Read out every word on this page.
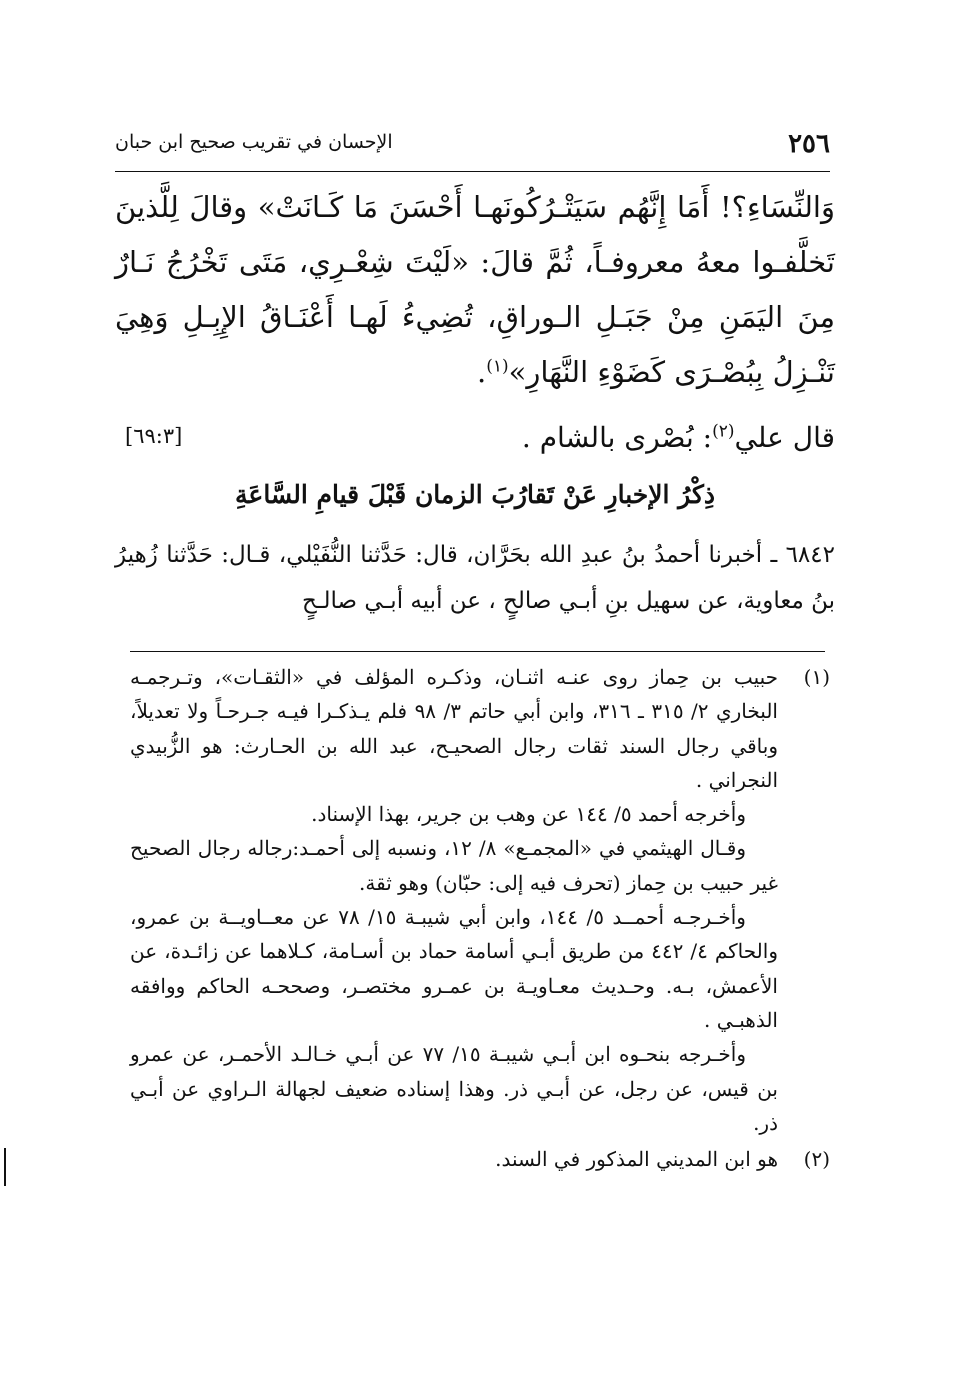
٢٥٦
الإحسان في تقريب صحيح ابن حبان
وَالنِّسَاءِ؟! أَمَا إِنَّهُم سَيَتْـرُكُونَهـا أَحْسَنَ مَا كَـانَتْ» وقالَ لِلَّذينَ تَخلَّفـوا معهُ معروفـاً، ثُمَّ قالَ: «لَيْتَ شِعْـرِي، مَتَى تَخْرُجُ نَـارٌ مِنَ اليَمَنِ مِنْ جَبَـلِ الـوراقِ، تُضِيءُ لَهـا أَعْنَـاقُ الإِبِـلِ وَهِيَ تَنْـزِلُ بِبُصْـرَى كَضَوْءِ النَّهَارِ»$^{(١)}$.
قال علي$^{(٢)}$: بُصْرى بالشام .
[٦٩:٣]
ذِكْرُ الإخبارِ عَنْ تَقارُبَ الزمان قَبْلَ قيامِ السَّاعَةِ
٦٨٤٢ ـ أخبرنا أحمدُ بنُ عبدِ الله بحَرَّان، قال: حَدَّثنا النُّفَيْلي، قـال: حَدَّثنا زُهيرُ بنُ معاوية، عن سهيل بنِ أبـي صالحٍ ، عن أبيه أبـي صالـحٍ
(١)

حبيب بن حِماز روى عنـه اثنـان، وذكـره المؤلف في «الثقـات»، وتـرجمـه البخاري ٢/ ٣١٥ ـ ٣١٦، وابن أبي حاتم ٣/ ٩٨ فلم يـذكـرا فيـه جـرحـاً ولا تعديلاً، وباقي رجال السند ثقات رجال الصحيـح، عبد الله بن الحـارث: هو الزُّبيدي النجراني .

وأخرجه أحمد ٥/ ١٤٤ عن وهب بن جرير، بهذا الإسناد.

وقـال الهيثمي في «المجمـع» ٨/ ١٢، ونسبه إلى أحمـد:رجاله رجال الصحيح غير حبيب بن حِماز (تحرف فيه إلى: حبّان) وهو ثقة.

وأخـرجـه أحمــد ٥/ ١٤٤، وابن أبي شيبـة ١٥/ ٧٨ عن معــاويــة بن عمرو، والحاكم ٤/ ٤٤٢ من طريق أبـي أسامة حماد بن أسـامة، كـلاهما عن زائـدة، عن الأعمش، بـه. وحـديث معـاويـة بن عمـرو مختصـر، وصححـه الحاكم ووافقه الذهبـي .

وأخـرجه بنحـوه ابن أبـي شيبـة ١٥/ ٧٧ عن أبـي خـالـد الأحمـر، عن عمرو بن قيس، عن رجل، عن أبـي ذر. وهذا إسناده ضعيف لجهالة الـراوي عن أبـي ذر.

(٢)

هو ابن المديني المذكور في السند.
